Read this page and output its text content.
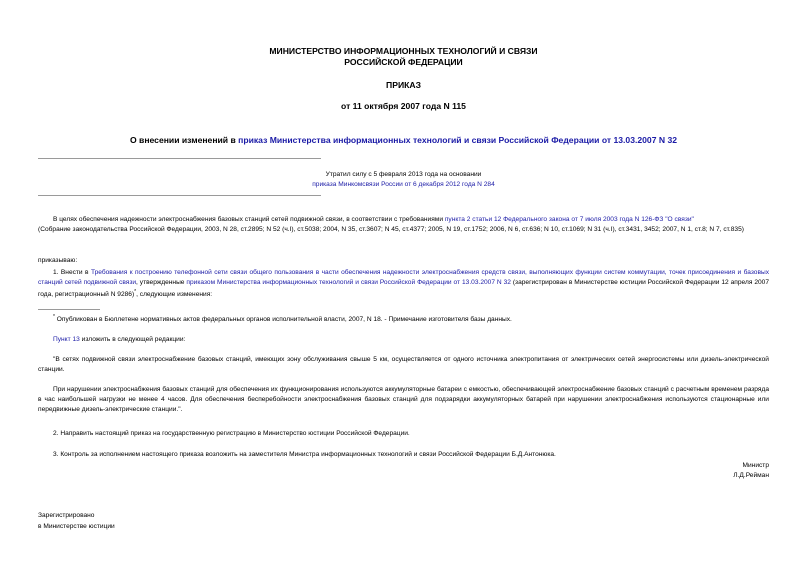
МИНИСТЕРСТВО ИНФОРМАЦИОННЫХ ТЕХНОЛОГИЙ И СВЯЗИ
РОССИЙСКОЙ ФЕДЕРАЦИИ
ПРИКАЗ
от 11 октября 2007 года N 115
О внесении изменений в приказ Министерства информационных технологий и связи Российской Федерации от 13.03.2007 N 32
Утратил силу с 5 февраля 2013 года на основании
приказа Минкомсвязи России от 6 декабря 2012 года N 284
В целях обеспечения надежности электроснабжения базовых станций сетей подвижной связи, в соответствии с требованиями пункта 2 статьи 12 Федерального закона от 7 июля 2003 года N 126-ФЗ "О связи"
(Собрание законодательства Российской Федерации, 2003, N 28, ст.2895; N 52 (ч.I), ст.5038; 2004, N 35, ст.3607; N 45, ст.4377; 2005, N 19, ст.1752; 2006, N 6, ст.636; N 10, ст.1069; N 31 (ч.I), ст.3431, 3452; 2007, N 1, ст.8; N 7, ст.835)
приказываю:
1. Внести в Требования к построению телефонной сети связи общего пользования в части обеспечения надежности электроснабжения средств связи, выполняющих функции систем коммутации, точек присоединения и базовых станций сетей подвижной связи, утвержденные приказом Министерства информационных технологий и связи Российской Федерации от 13.03.2007 N 32 (зарегистрирован в Министерстве юстиции Российской Федерации 12 апреля 2007 года, регистрационный N 9286)*, следующие изменения:
* Опубликован в Бюллетене нормативных актов федеральных органов исполнительной власти, 2007, N 18. - Примечание изготовителя базы данных.
Пункт 13 изложить в следующей редакции:
"В сетях подвижной связи электроснабжение базовых станций, имеющих зону обслуживания свыше 5 км, осуществляется от одного источника электропитания от электрических сетей энергосистемы или дизель-электрической станции.
При нарушении электроснабжения базовых станций для обеспечения их функционирования используются аккумуляторные батареи с емкостью, обеспечивающей электроснабжение базовых станций с расчетным временем разряда в час наибольшей нагрузки не менее 4 часов. Для обеспечения бесперебойности электроснабжения базовых станций для подзарядки аккумуляторных батарей при нарушении электроснабжения используются стационарные или передвижные дизель-электрические станции.".
2. Направить настоящий приказ на государственную регистрацию в Министерство юстиции Российской Федерации.
3. Контроль за исполнением настоящего приказа возложить на заместителя Министра информационных технологий и связи Российской Федерации Б.Д.Антонюка.
Министр
Л.Д.Рейман
Зарегистрировано
в Министерстве юстиции
